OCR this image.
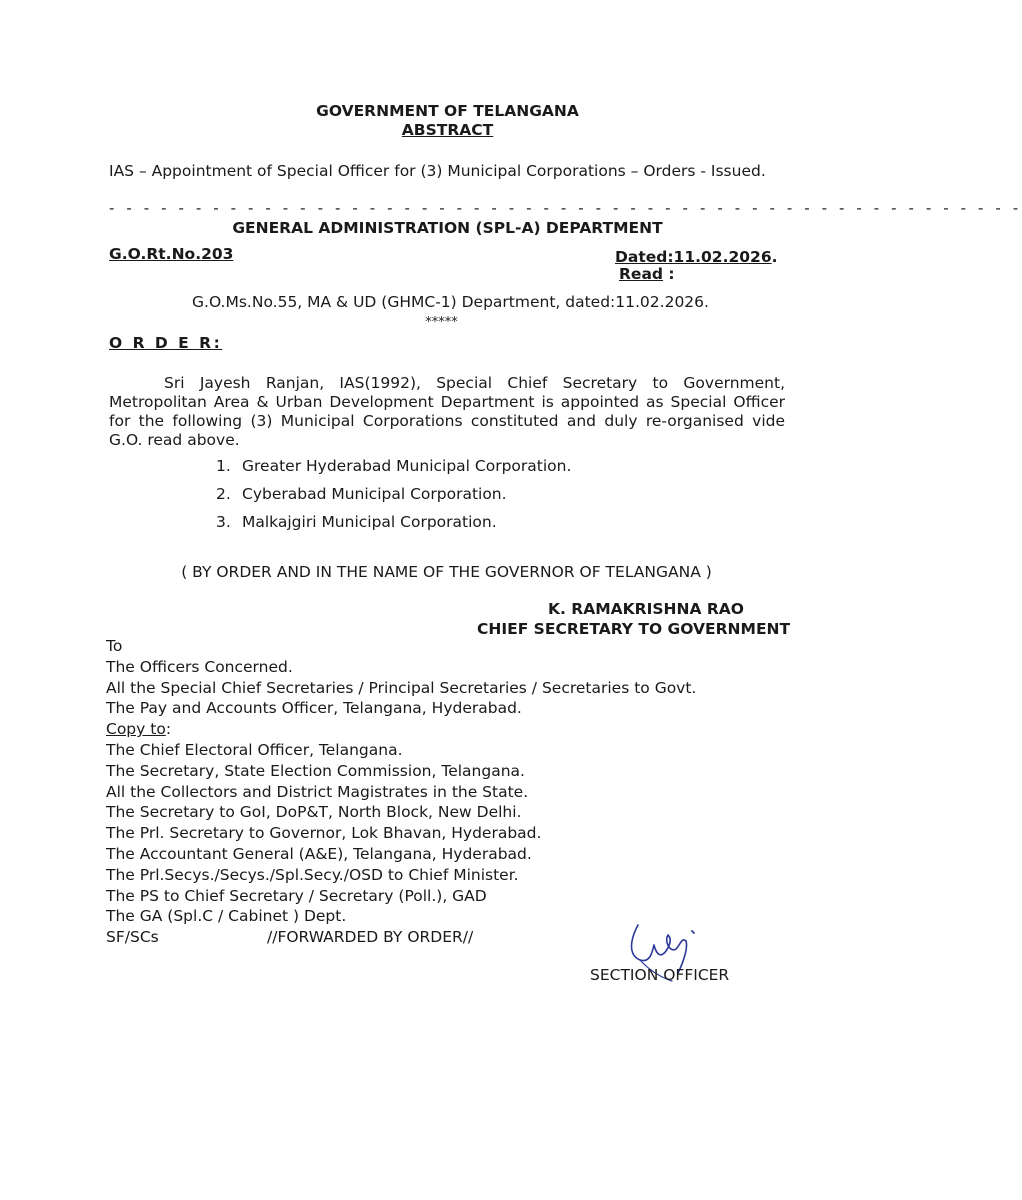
GOVERNMENT OF TELANGANA
ABSTRACT
IAS – Appointment of Special Officer for (3) Municipal Corporations – Orders - Issued.
- - - - - - - - - - - - - - - - - - - - - - - - - - - - - - - - - - - - - - - - - - - - - - - - - - - - -
GENERAL ADMINISTRATION (SPL-A) DEPARTMENT
G.O.Rt.No.203	Dated:11.02.2026.
Read :
G.O.Ms.No.55, MA & UD (GHMC-1) Department, dated:11.02.2026.
*****
O R D E R:
Sri Jayesh Ranjan, IAS(1992), Special Chief Secretary to Government, Metropolitan Area & Urban Development Department is appointed as Special Officer for the following (3) Municipal Corporations constituted and duly re-organised vide G.O. read above.
1. Greater Hyderabad Municipal Corporation.
2. Cyberabad Municipal Corporation.
3. Malkajgiri Municipal Corporation.
( BY ORDER AND IN THE NAME OF THE GOVERNOR OF TELANGANA )
K. RAMAKRISHNA RAO
CHIEF SECRETARY TO GOVERNMENT
To
The Officers Concerned.
All the Special Chief Secretaries / Principal Secretaries / Secretaries to Govt.
The Pay and Accounts Officer, Telangana, Hyderabad.
Copy to:
The Chief Electoral Officer, Telangana.
The Secretary, State Election Commission, Telangana.
All the Collectors and District Magistrates in the State.
The Secretary to GoI, DoP&T, North Block, New Delhi.
The Prl. Secretary to Governor, Lok Bhavan, Hyderabad.
The Accountant General (A&E), Telangana, Hyderabad.
The Prl.Secys./Secys./Spl.Secy./OSD to Chief Minister.
The PS to Chief Secretary / Secretary (Poll.), GAD
The GA (Spl.C / Cabinet ) Dept.
SF/SCs	//FORWARDED BY ORDER//
SECTION OFFICER
